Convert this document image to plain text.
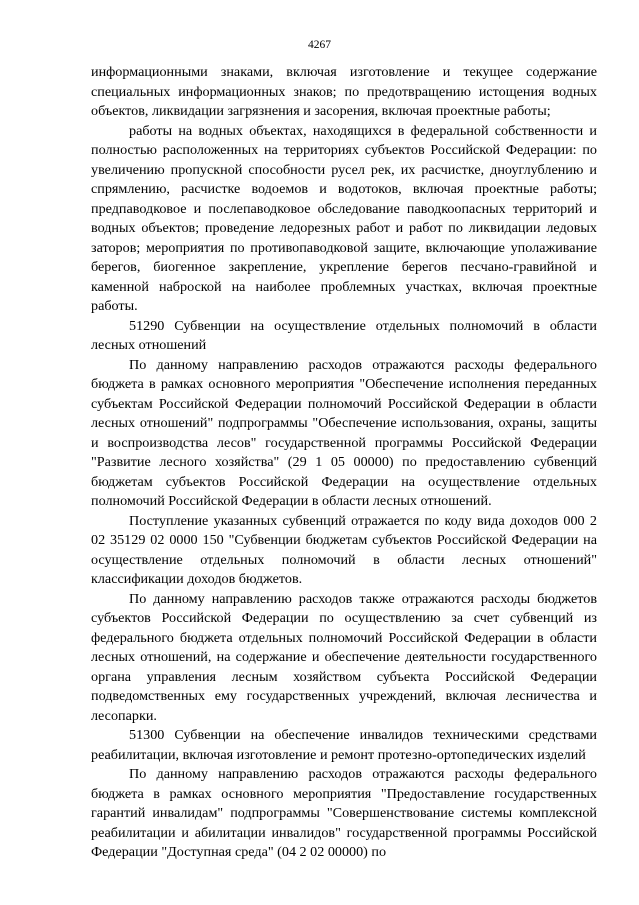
4267

информационными знаками, включая изготовление и текущее содержание специальных информационных знаков; по предотвращению истощения водных объектов, ликвидации загрязнения и засорения, включая проектные работы;

работы на водных объектах, находящихся в федеральной собственности и полностью расположенных на территориях субъектов Российской Федерации: по увеличению пропускной способности русел рек, их расчистке, дноуглублению и спрямлению, расчистке водоемов и водотоков, включая проектные работы; предпаводковое и послепаводковое обследование паводкоопасных территорий и водных объектов; проведение ледорезных работ и работ по ликвидации ледовых заторов; мероприятия по противопаводковой защите, включающие уполаживание берегов, биогенное закрепление, укрепление берегов песчано-гравийной и каменной наброской на наиболее проблемных участках, включая проектные работы.

51290 Субвенции на осуществление отдельных полномочий в области лесных отношений

По данному направлению расходов отражаются расходы федерального бюджета в рамках основного мероприятия "Обеспечение исполнения переданных субъектам Российской Федерации полномочий Российской Федерации в области лесных отношений" подпрограммы "Обеспечение использования, охраны, защиты и воспроизводства лесов" государственной программы Российской Федерации "Развитие лесного хозяйства" (29 1 05 00000) по предоставлению субвенций бюджетам субъектов Российской Федерации на осуществление отдельных полномочий Российской Федерации в области лесных отношений.

Поступление указанных субвенций отражается по коду вида доходов 000 2 02 35129 02 0000 150 "Субвенции бюджетам субъектов Российской Федерации на осуществление отдельных полномочий в области лесных отношений" классификации доходов бюджетов.

По данному направлению расходов также отражаются расходы бюджетов субъектов Российской Федерации по осуществлению за счет субвенций из федерального бюджета отдельных полномочий Российской Федерации в области лесных отношений, на содержание и обеспечение деятельности государственного органа управления лесным хозяйством субъекта Российской Федерации подведомственных ему государственных учреждений, включая лесничества и лесопарки.

51300 Субвенции на обеспечение инвалидов техническими средствами реабилитации, включая изготовление и ремонт протезно-ортопедических изделий

По данному направлению расходов отражаются расходы федерального бюджета в рамках основного мероприятия "Предоставление государственных гарантий инвалидам" подпрограммы "Совершенствование системы комплексной реабилитации и абилитации инвалидов" государственной программы Российской Федерации "Доступная среда" (04 2 02 00000) по
